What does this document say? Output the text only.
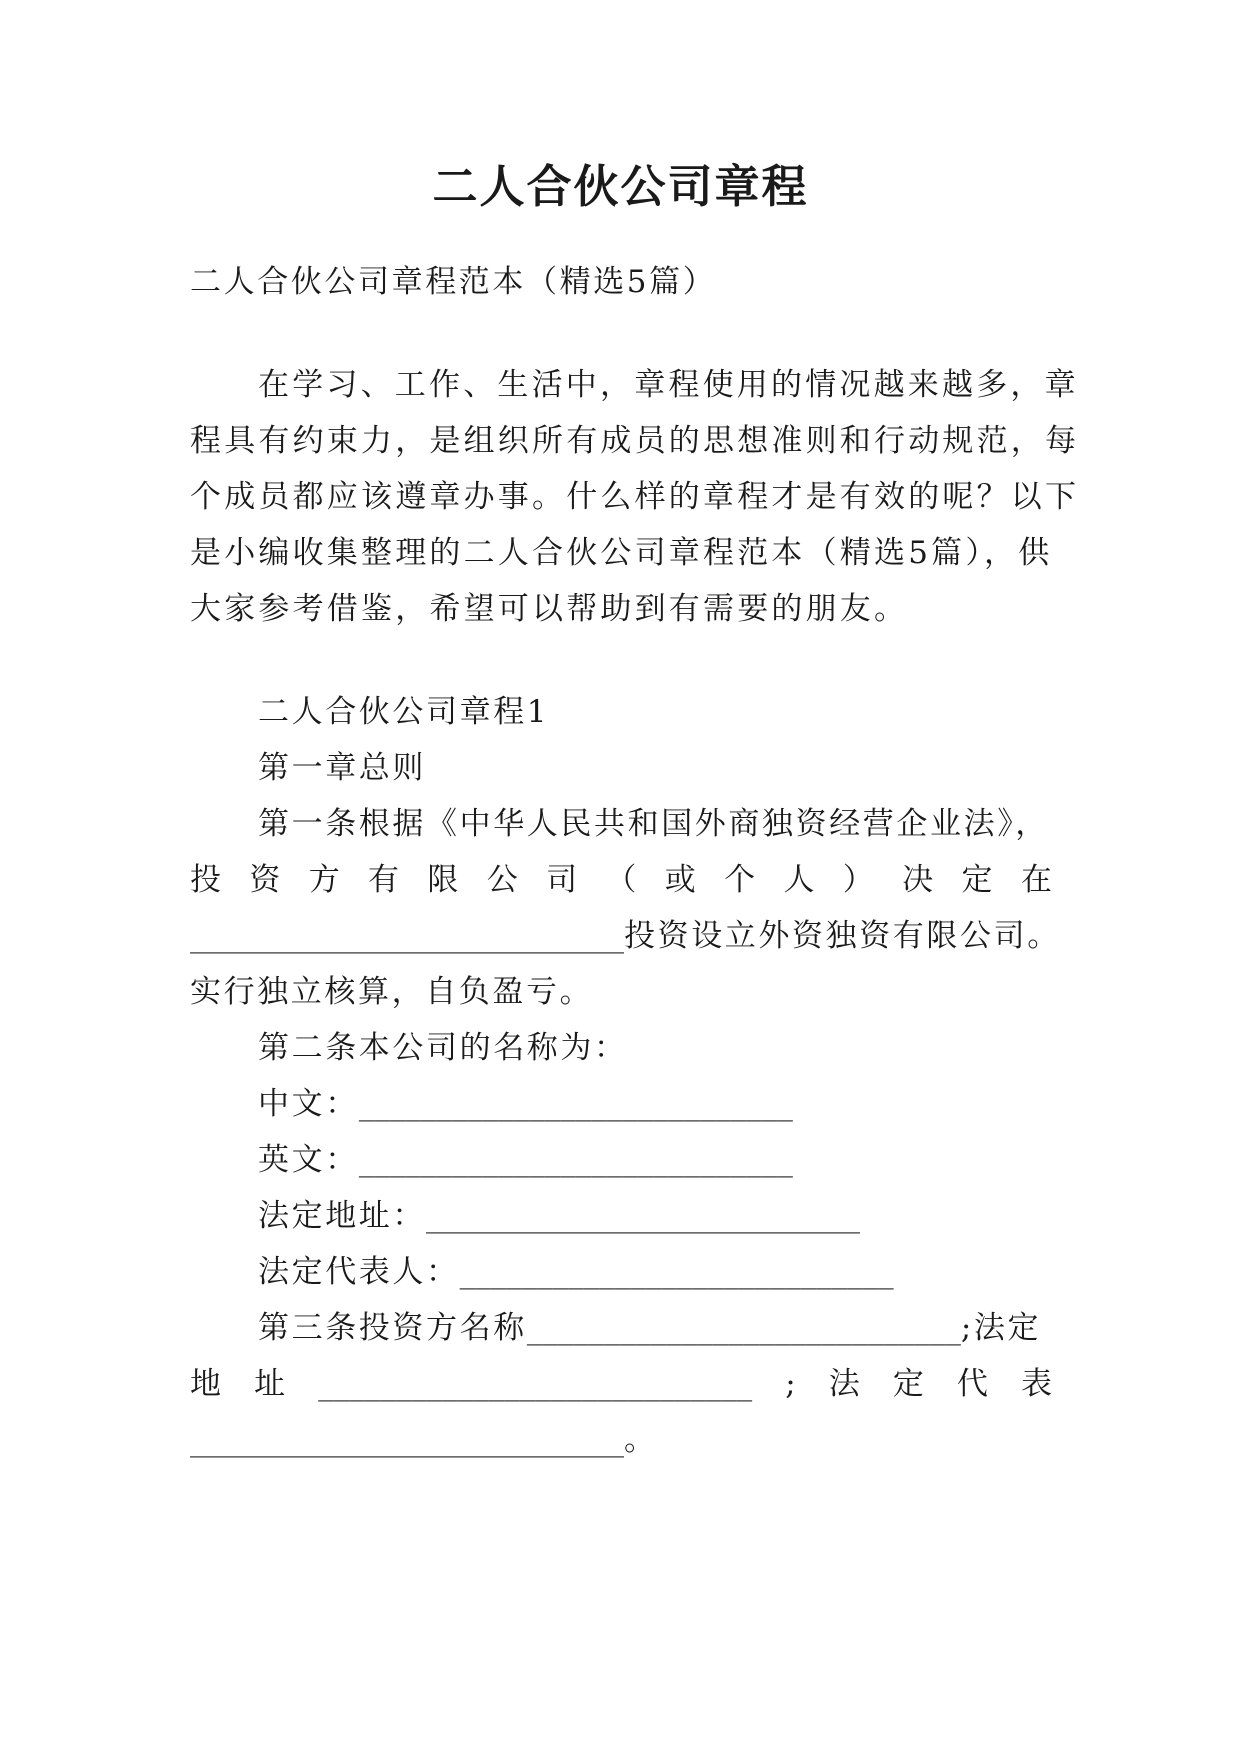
二人合伙公司章程
二人合伙公司章程范本（精选5篇）
在学习、工作、生活中，章程使用的情况越来越多，章
程具有约束力，是组织所有成员的思想准则和行动规范，每
个成员都应该遵章办事。什么样的章程才是有效的呢？以下
是小编收集整理的二人合伙公司章程范本（精选5篇），供
大家参考借鉴，希望可以帮助到有需要的朋友。
二人合伙公司章程1
第一章总则
第一条根据《中华人民共和国外商独资经营企业法》，
投 资 方 有 限 公 司 （ 或 个 人 ） 决 定 在
____________________________投资设立外资独资有限公司。
实行独立核算，自负盈亏。
第二条本公司的名称为：
中文：____________________________
英文：____________________________
法定地址：____________________________
法定代表人：____________________________
第三条投资方名称____________________________;法定
地 址 ____________________________ ; 法 定 代 表
____________________________。
